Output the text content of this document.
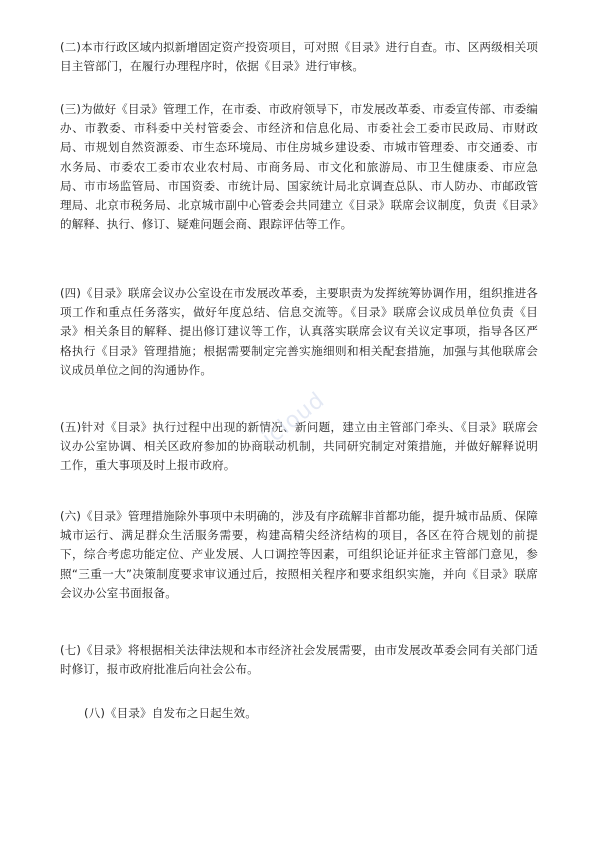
(二)本市行政区域内拟新增固定资产投资项目，可对照《目录》进行自查。市、区两级相关项目主管部门，在履行办理程序时，依据《目录》进行审核。

(三)为做好《目录》管理工作，在市委、市政府领导下，市发展改革委、市委宣传部、市委编办、市教委、市科委中关村管委会、市经济和信息化局、市委社会工委市民政局、市财政局、市规划自然资源委、市生态环境局、市住房城乡建设委、市城市管理委、市交通委、市水务局、市委农工委市农业农村局、市商务局、市文化和旅游局、市卫生健康委、市应急局、市市场监管局、市国资委、市统计局、国家统计局北京调查总队、市人防办、市邮政管理局、北京市税务局、北京城市副中心管委会共同建立《目录》联席会议制度，负责《目录》的解释、执行、修订、疑难问题会商、跟踪评估等工作。

(四)《目录》联席会议办公室设在市发展改革委，主要职责为发挥统筹协调作用，组织推进各项工作和重点任务落实，做好年度总结、信息交流等。《目录》联席会议成员单位负责《目录》相关条目的解释、提出修订建议等工作，认真落实联席会议有关议定事项，指导各区严格执行《目录》管理措施；根据需要制定完善实施细则和相关配套措施，加强与其他联席会议成员单位之间的沟通协作。

(五)针对《目录》执行过程中出现的新情况、新问题，建立由主管部门牵头、《目录》联席会议办公室协调、相关区政府参加的协商联动机制，共同研究制定对策措施，并做好解释说明工作，重大事项及时上报市政府。

(六)《目录》管理措施除外事项中未明确的，涉及有序疏解非首都功能，提升城市品质、保障城市运行、满足群众生活服务需要，构建高精尖经济结构的项目，各区在符合规划的前提下，综合考虑功能定位、产业发展、人口调控等因素，可组织论证并征求主管部门意见，参照“三重一大”决策制度要求审议通过后，按照相关程序和要求组织实施，并向《目录》联席会议办公室书面报备。

(七)《目录》将根据相关法律法规和本市经济社会发展需要，由市发展改革委会同有关部门适时修订，报市政府批准后向社会公布。

(八)《目录》自发布之日起生效。

icloud
